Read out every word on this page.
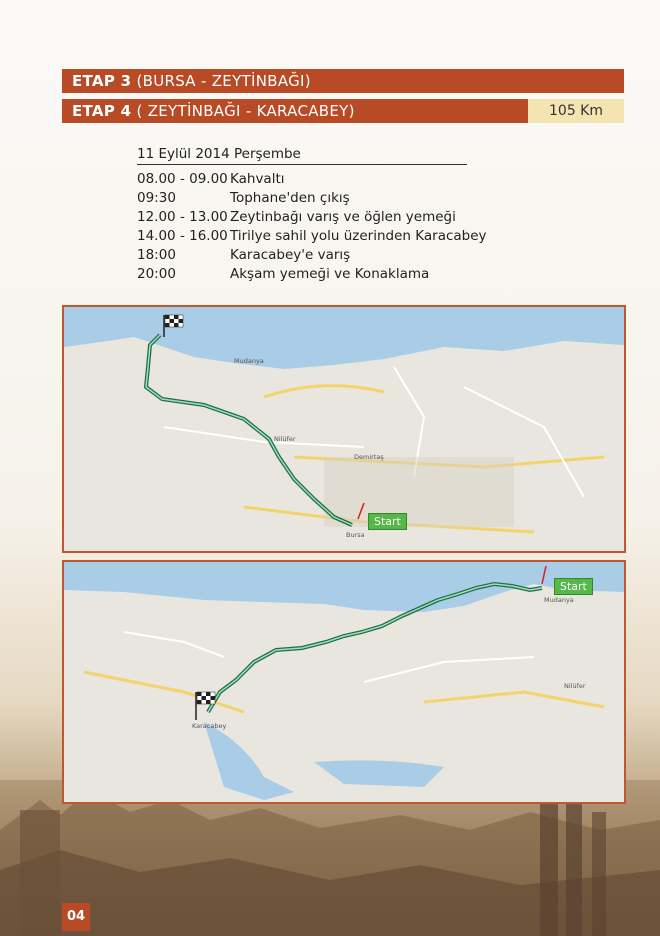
ETAP 3 (BURSA - ZEYTİNBAĞI)
ETAP 4 ( ZEYTİNBAĞI - KARACABEY)	105 Km
11 Eylül 2014 Perşembe
08.00 - 09.00 Kahvaltı
09:30	Tophane'den çıkış
12.00 - 13.00 Zeytinbağı varış ve öğlen yemeği
14.00 - 16.00 Tirilye sahil yolu üzerinden Karacabey
18:00	Karacabey'e varış
20:00	Akşam yemeği ve Konaklama
Mudanya
Nilüfer
Bursa
Demirtaş
Start
Karacabey
Mudanya
Nilüfer
Start
04
